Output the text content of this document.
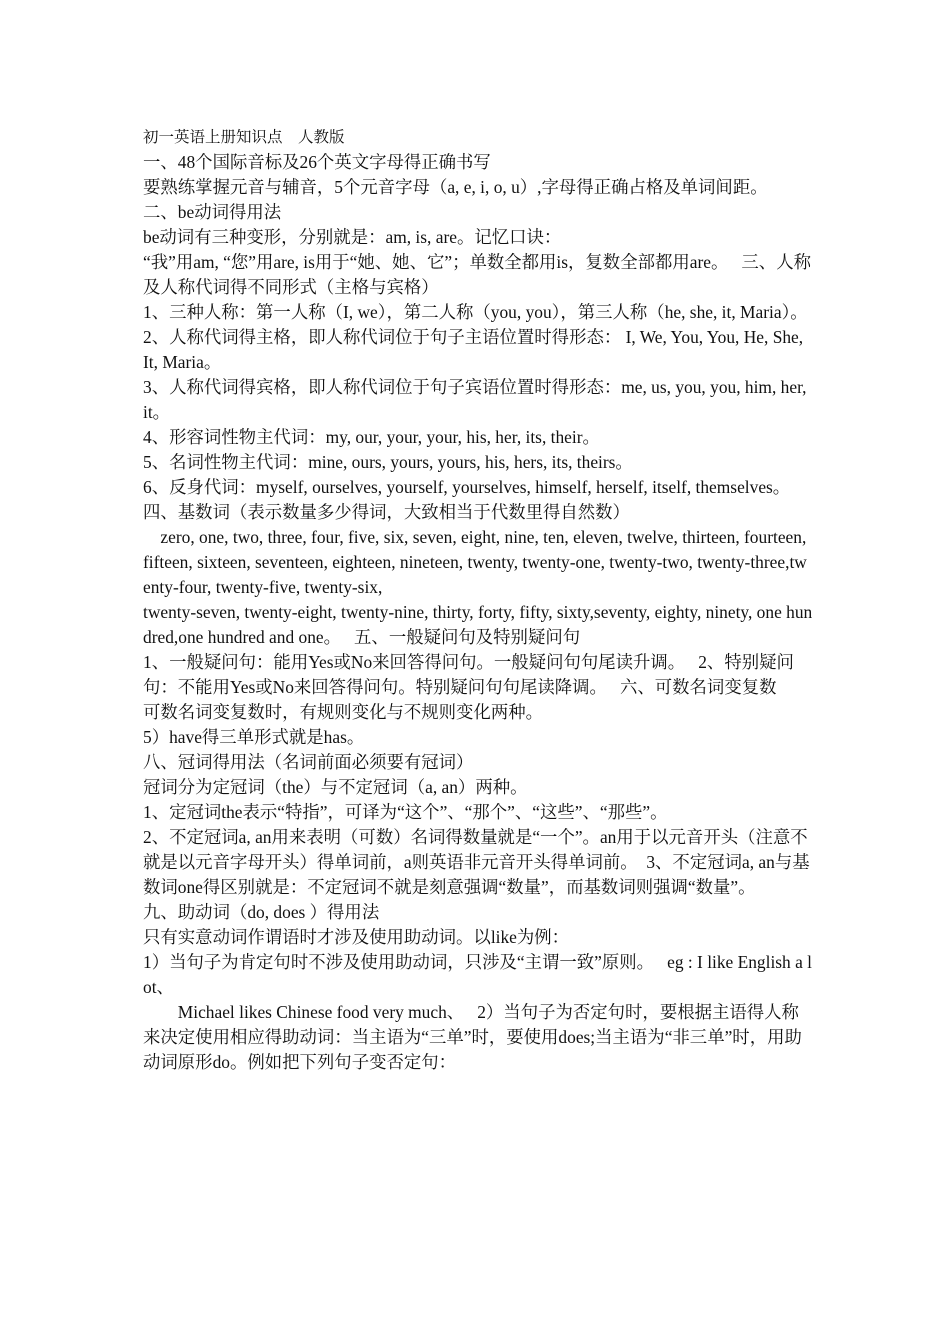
初一英语上册知识点　人教版

一、48个国际音标及26个英文字母得正确书写

要熟练掌握元音与辅音，5个元音字母（a, e, i, o, u）,字母得正确占格及单词间距。

二、be动词得用法

be动词有三种变形，分别就是：am, is, are。记忆口诀：

“我”用am, “您”用are, is用于“她、她、它”；单数全都用is，复数全部都用are。　 三、人称及人称代词得不同形式（主格与宾格）

1、三种人称：第一人称（I, we），第二人称（you, you），第三人称（he, she, it, Maria）。

2、人称代词得主格，即人称代词位于句子主语位置时得形态： I, We, You, You, He, She, It, Maria。

3、人称代词得宾格，即人称代词位于句子宾语位置时得形态：me, us, you, you, him, her, it。

4、形容词性物主代词：my, our, your, your, his, her, its, their。

5、名词性物主代词：mine, ours, yours, yours, his, hers, its, theirs。

6、反身代词：myself, ourselves, yourself, yourselves, himself, herself, itself, themselves。

四、基数词（表示数量多少得词，大致相当于代数里得自然数）

　zero, one, two, three, four, five, six, seven, eight, nine, ten, eleven, twelve, thirteen, fourteen, fifteen, sixteen, seventeen, eighteen, nineteen, twenty, twenty-one, twenty-two, twenty-three,twenty-four, twenty-five, twenty-six,

twenty-seven, twenty-eight, twenty-nine, thirty, forty, fifty, sixty,seventy, eighty, ninety, one hundred,one hundred and one。　 五、一般疑问句及特别疑问句

1、一般疑问句：能用Yes或No来回答得问句。一般疑问句句尾读升调。　 2、特别疑问句：不能用Yes或No来回答得问句。特别疑问句句尾读降调。　 六、可数名词变复数

可数名词变复数时，有规则变化与不规则变化两种。

5）have得三单形式就是has。

八、冠词得用法（名词前面必须要有冠词）

冠词分为定冠词（the）与不定冠词（a, an）两种。

1、定冠词the表示“特指”，可译为“这个”、“那个”、“这些”、“那些”。

2、不定冠词a, an用来表明（可数）名词得数量就是“一个”。an用于以元音开头（注意不就是以元音字母开头）得单词前，a则英语非元音开头得单词前。　3、不定冠词a, an与基数词one得区别就是：不定冠词不就是刻意强调“数量”，而基数词则强调“数量”。

九、助动词（do, does ）得用法

只有实意动词作谓语时才涉及使用助动词。以like为例：

1）当句子为肯定句时不涉及使用助动词，只涉及“主谓一致”原则。　 eg : I like English a lot、

　　Michael likes Chinese food very much、　 2）当句子为否定句时，要根据主语得人称来决定使用相应得助动词：当主语为“三单”时，要使用does;当主语为“非三单”时，用助动词原形do。例如把下列句子变否定句：
